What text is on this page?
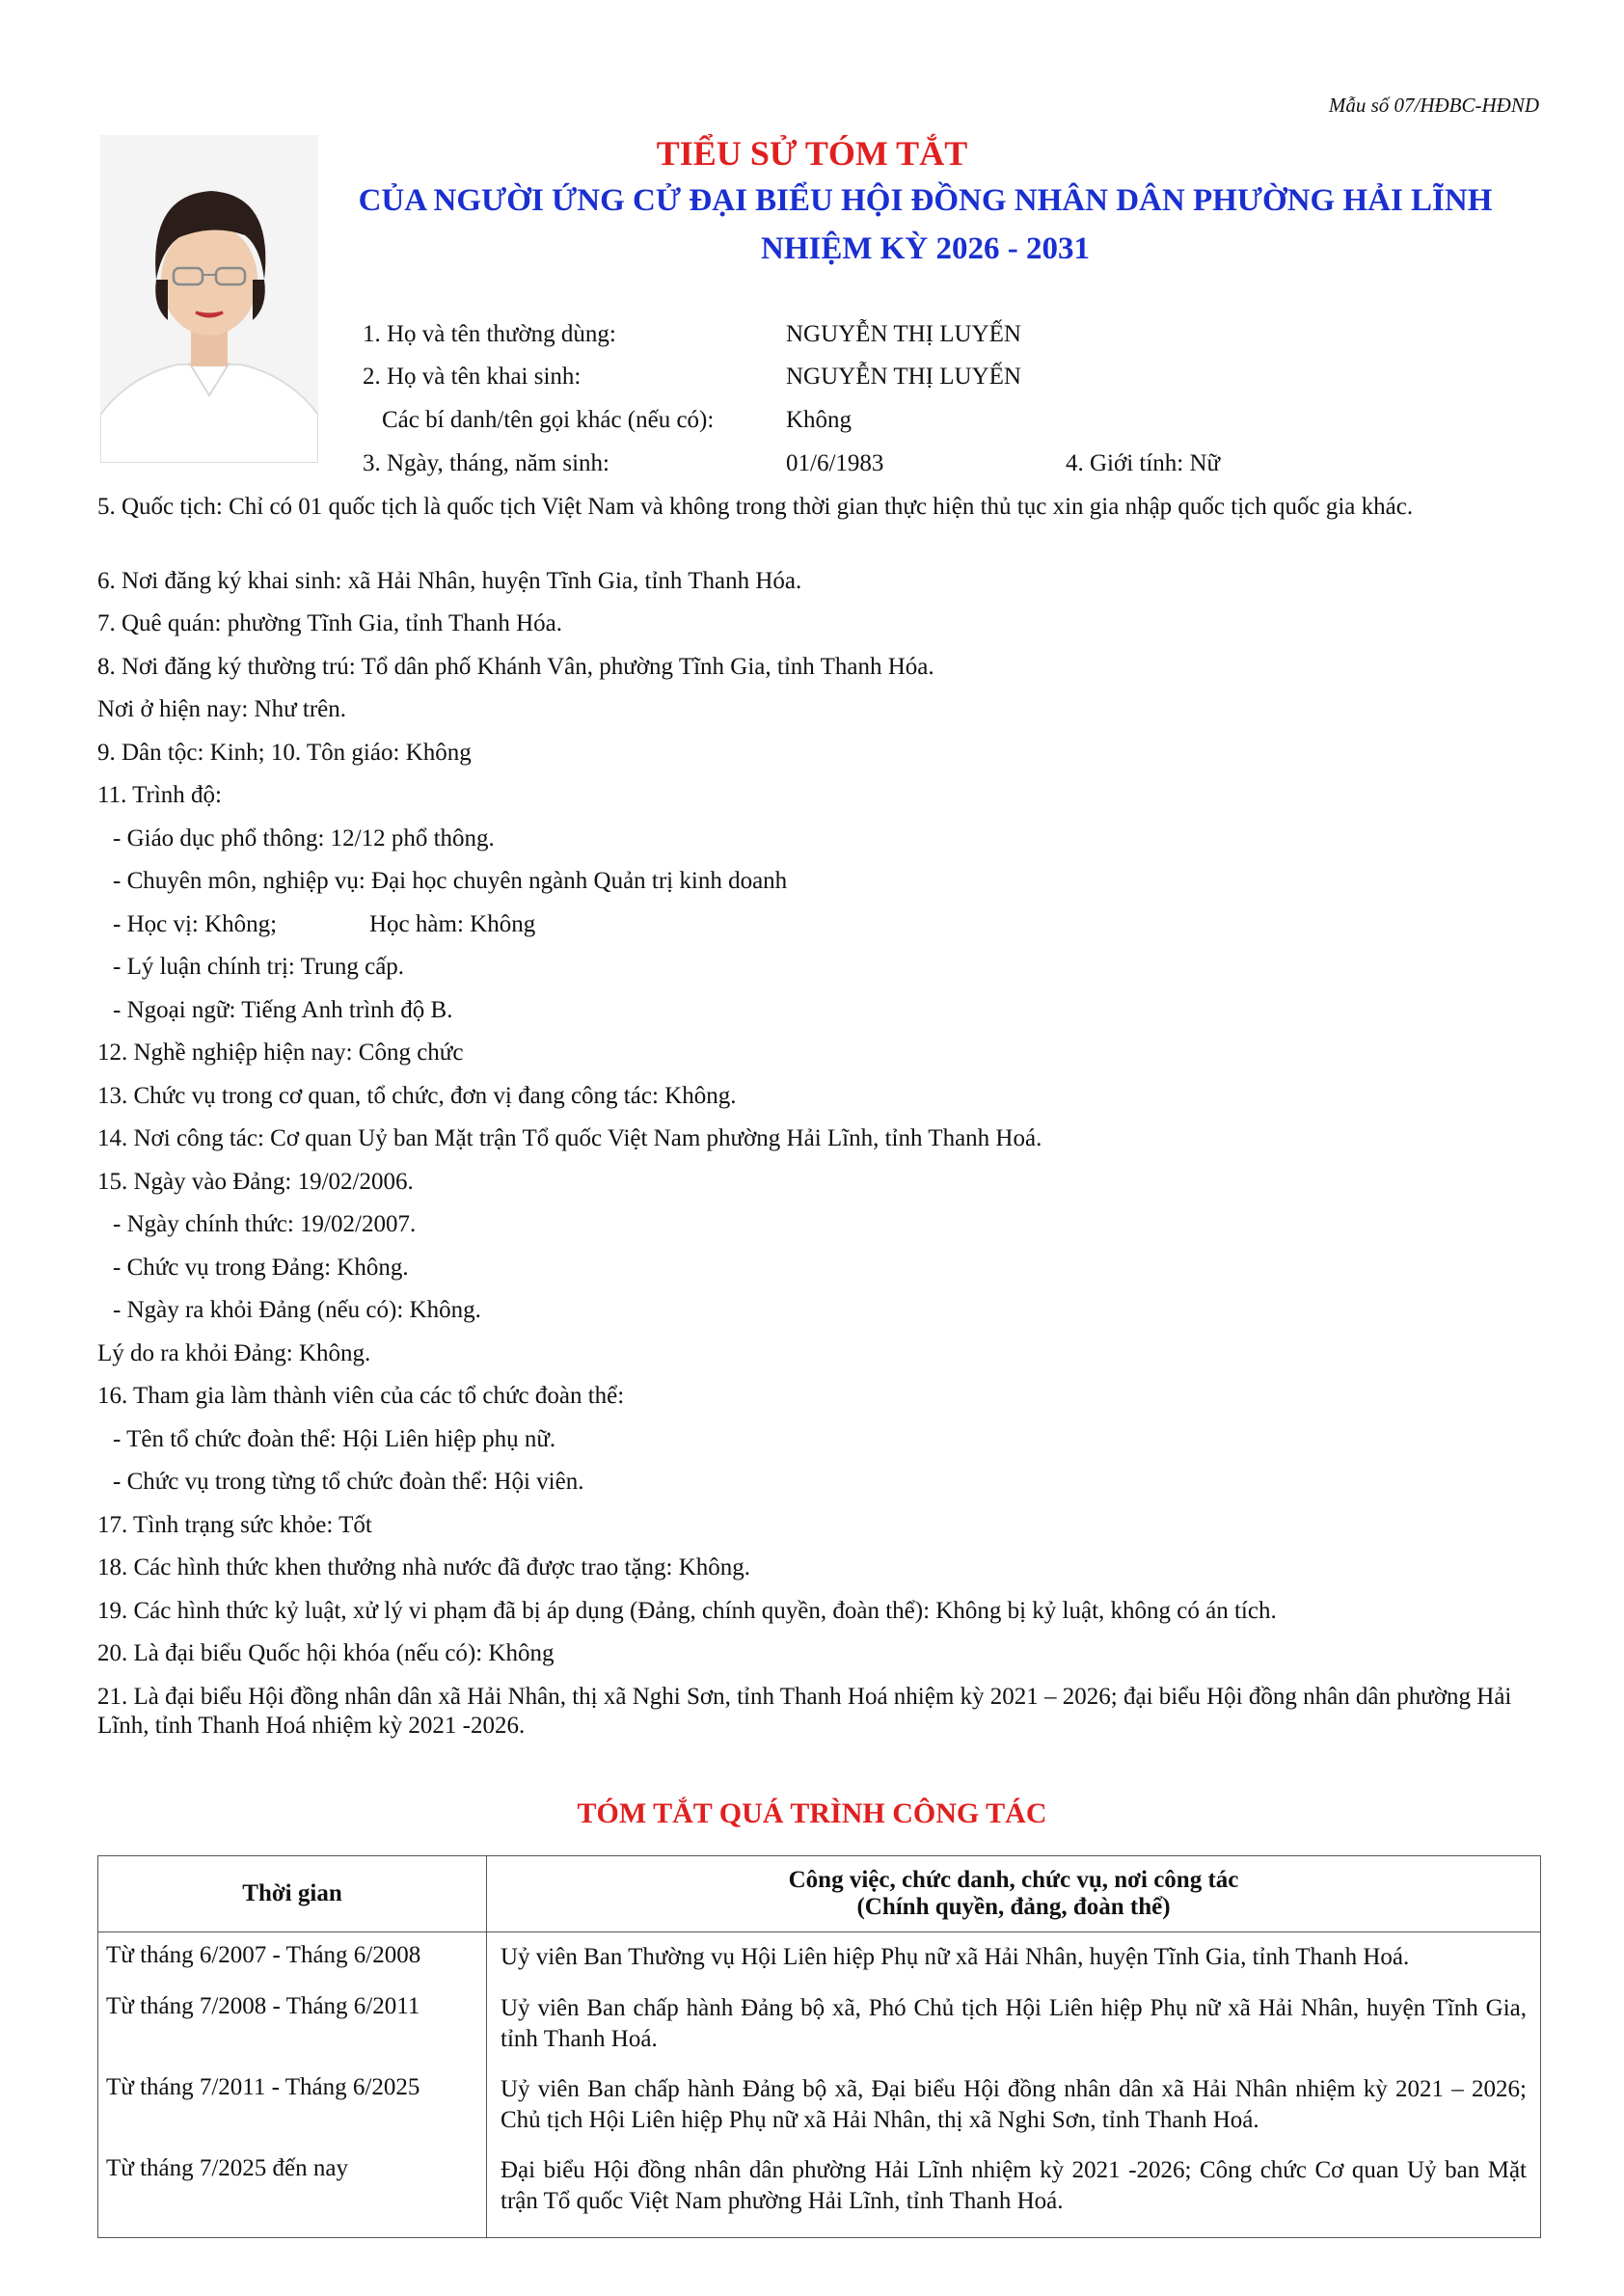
Mẫu số 07/HĐBC-HĐND
TIỂU SỬ TÓM TẮT
CỦA NGƯỜI ỨNG CỬ ĐẠI BIỂU HỘI ĐỒNG NHÂN DÂN PHƯỜNG HẢI LĨNH
NHIỆM KỲ 2026 - 2031
1. Họ và tên thường dùng:	NGUYỄN THỊ LUYẾN
2. Họ và tên khai sinh:	NGUYỄN THỊ LUYẾN
Các bí danh/tên gọi khác (nếu có):	Không
3. Ngày, tháng, năm sinh:	01/6/1983	4. Giới tính: Nữ
5. Quốc tịch: Chỉ có 01 quốc tịch là quốc tịch Việt Nam và không trong thời gian thực hiện thủ tục xin gia nhập quốc tịch quốc gia khác.
6. Nơi đăng ký khai sinh: xã Hải Nhân, huyện Tĩnh Gia, tỉnh Thanh Hóa.
7. Quê quán: phường Tĩnh Gia, tỉnh Thanh Hóa.
8. Nơi đăng ký thường trú: Tổ dân phố Khánh Vân, phường Tĩnh Gia, tỉnh Thanh Hóa.
Nơi ở hiện nay: Như trên.
9. Dân tộc: Kinh; 10. Tôn giáo: Không
11. Trình độ:
- Giáo dục phổ thông: 12/12 phổ thông.
- Chuyên môn, nghiệp vụ: Đại học chuyên ngành Quản trị kinh doanh
- Học vị: Không;	Học hàm: Không
- Lý luận chính trị: Trung cấp.
- Ngoại ngữ: Tiếng Anh trình độ B.
12. Nghề nghiệp hiện nay: Công chức
13. Chức vụ trong cơ quan, tổ chức, đơn vị đang công tác: Không.
14. Nơi công tác: Cơ quan Uỷ ban Mặt trận Tổ quốc Việt Nam phường Hải Lĩnh, tỉnh Thanh Hoá.
15. Ngày vào Đảng: 19/02/2006.
- Ngày chính thức: 19/02/2007.
- Chức vụ trong Đảng: Không.
- Ngày ra khỏi Đảng (nếu có): Không.
Lý do ra khỏi Đảng: Không.
16. Tham gia làm thành viên của các tổ chức đoàn thể:
- Tên tổ chức đoàn thể: Hội Liên hiệp phụ nữ.
- Chức vụ trong từng tổ chức đoàn thể: Hội viên.
17. Tình trạng sức khỏe: Tốt
18. Các hình thức khen thưởng nhà nước đã được trao tặng: Không.
19. Các hình thức kỷ luật, xử lý vi phạm đã bị áp dụng (Đảng, chính quyền, đoàn thể): Không bị kỷ luật, không có án tích.
20. Là đại biểu Quốc hội khóa (nếu có): Không
21. Là đại biểu Hội đồng nhân dân xã Hải Nhân, thị xã Nghi Sơn, tỉnh Thanh Hoá nhiệm kỳ 2021 – 2026; đại biểu Hội đồng nhân dân phường Hải Lĩnh, tỉnh Thanh Hoá nhiệm kỳ 2021 -2026.
TÓM TẮT QUÁ TRÌNH CÔNG TÁC
Thời gian	Công việc, chức danh, chức vụ, nơi công tác
(Chính quyền, đảng, đoàn thể)

Từ tháng 6/2007 - Tháng 6/2008	Uỷ viên Ban Thường vụ Hội Liên hiệp Phụ nữ xã Hải Nhân, huyện Tĩnh Gia, tỉnh Thanh Hoá.
Từ tháng 7/2008 - Tháng 6/2011	Uỷ viên Ban chấp hành Đảng bộ xã, Phó Chủ tịch Hội Liên hiệp Phụ nữ xã Hải Nhân, huyện Tĩnh Gia, tỉnh Thanh Hoá.
Từ tháng 7/2011 - Tháng 6/2025	Uỷ viên Ban chấp hành Đảng bộ xã, Đại biểu Hội đồng nhân dân xã Hải Nhân nhiệm kỳ 2021 – 2026; Chủ tịch Hội Liên hiệp Phụ nữ xã Hải Nhân, thị xã Nghi Sơn, tỉnh Thanh Hoá.
Từ tháng 7/2025 đến nay	Đại biểu Hội đồng nhân dân phường Hải Lĩnh nhiệm kỳ 2021 -2026; Công chức Cơ quan Uỷ ban Mặt trận Tổ quốc Việt Nam phường Hải Lĩnh, tỉnh Thanh Hoá.
